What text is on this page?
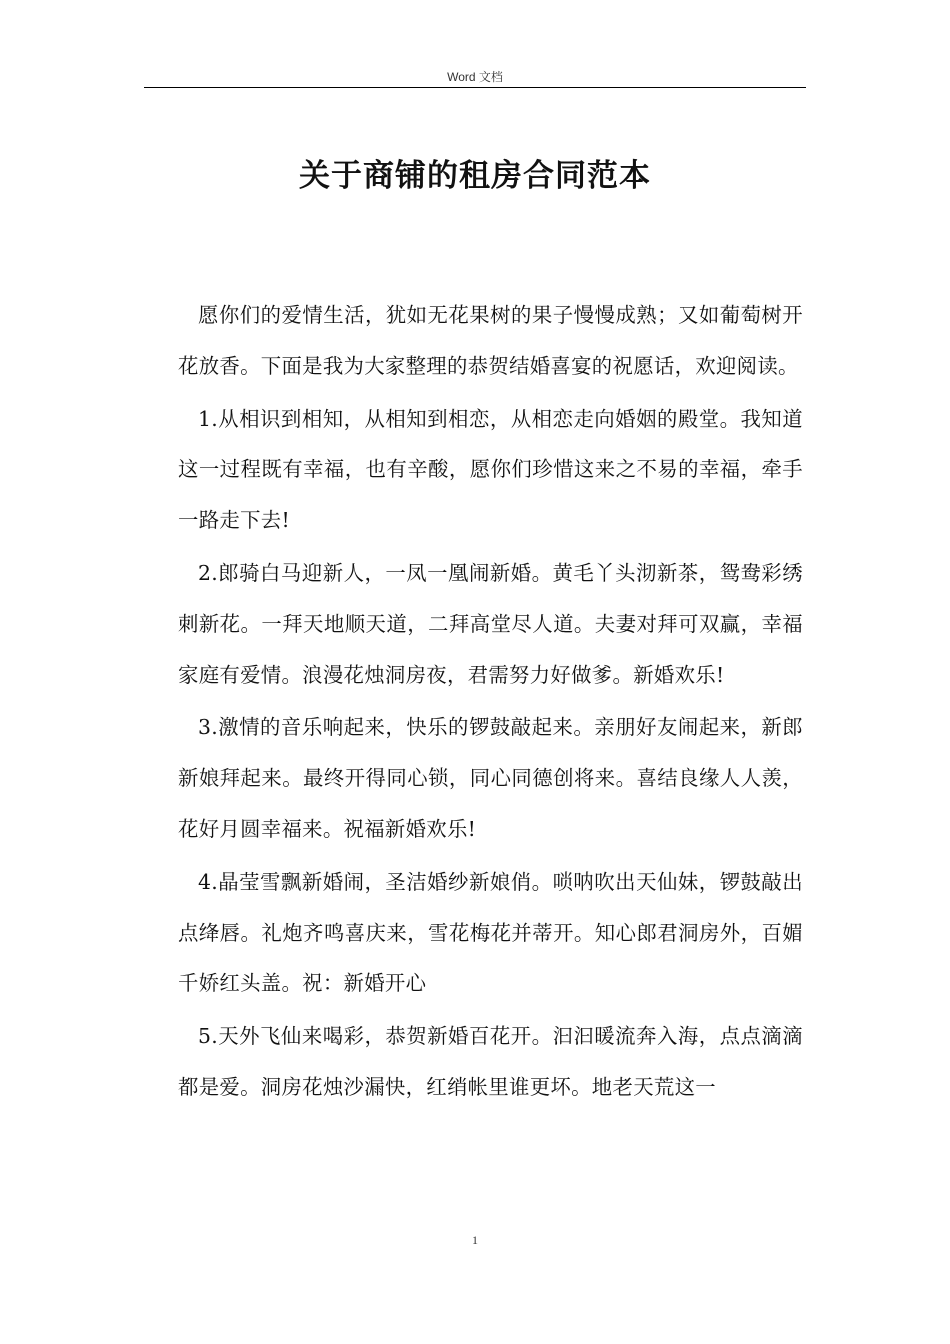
Word 文档
关于商铺的租房合同范本

愿你们的爱情生活，犹如无花果树的果子慢慢成熟；又如葡萄树开花放香。下面是我为大家整理的恭贺结婚喜宴的祝愿话，欢迎阅读。

1.从相识到相知，从相知到相恋，从相恋走向婚姻的殿堂。我知道这一过程既有幸福，也有辛酸，愿你们珍惜这来之不易的幸福，牵手一路走下去!

2.郎骑白马迎新人，一凤一凰闹新婚。黄毛丫头沏新茶，鸳鸯彩绣刺新花。一拜天地顺天道，二拜高堂尽人道。夫妻对拜可双赢，幸福家庭有爱情。浪漫花烛洞房夜，君需努力好做爹。新婚欢乐!

3.激情的音乐响起来，快乐的锣鼓敲起来。亲朋好友闹起来，新郎新娘拜起来。最终开得同心锁，同心同德创将来。喜结良缘人人羡，花好月圆幸福来。祝福新婚欢乐!

4.晶莹雪飘新婚闹，圣洁婚纱新娘俏。唢呐吹出天仙妹，锣鼓敲出点绛唇。礼炮齐鸣喜庆来，雪花梅花并蒂开。知心郎君洞房外，百媚千娇红头盖。祝：新婚开心

5.天外飞仙来喝彩，恭贺新婚百花开。汩汩暖流奔入海，点点滴滴都是爱。洞房花烛沙漏快，红绡帐里谁更坏。地老天荒这一

1
